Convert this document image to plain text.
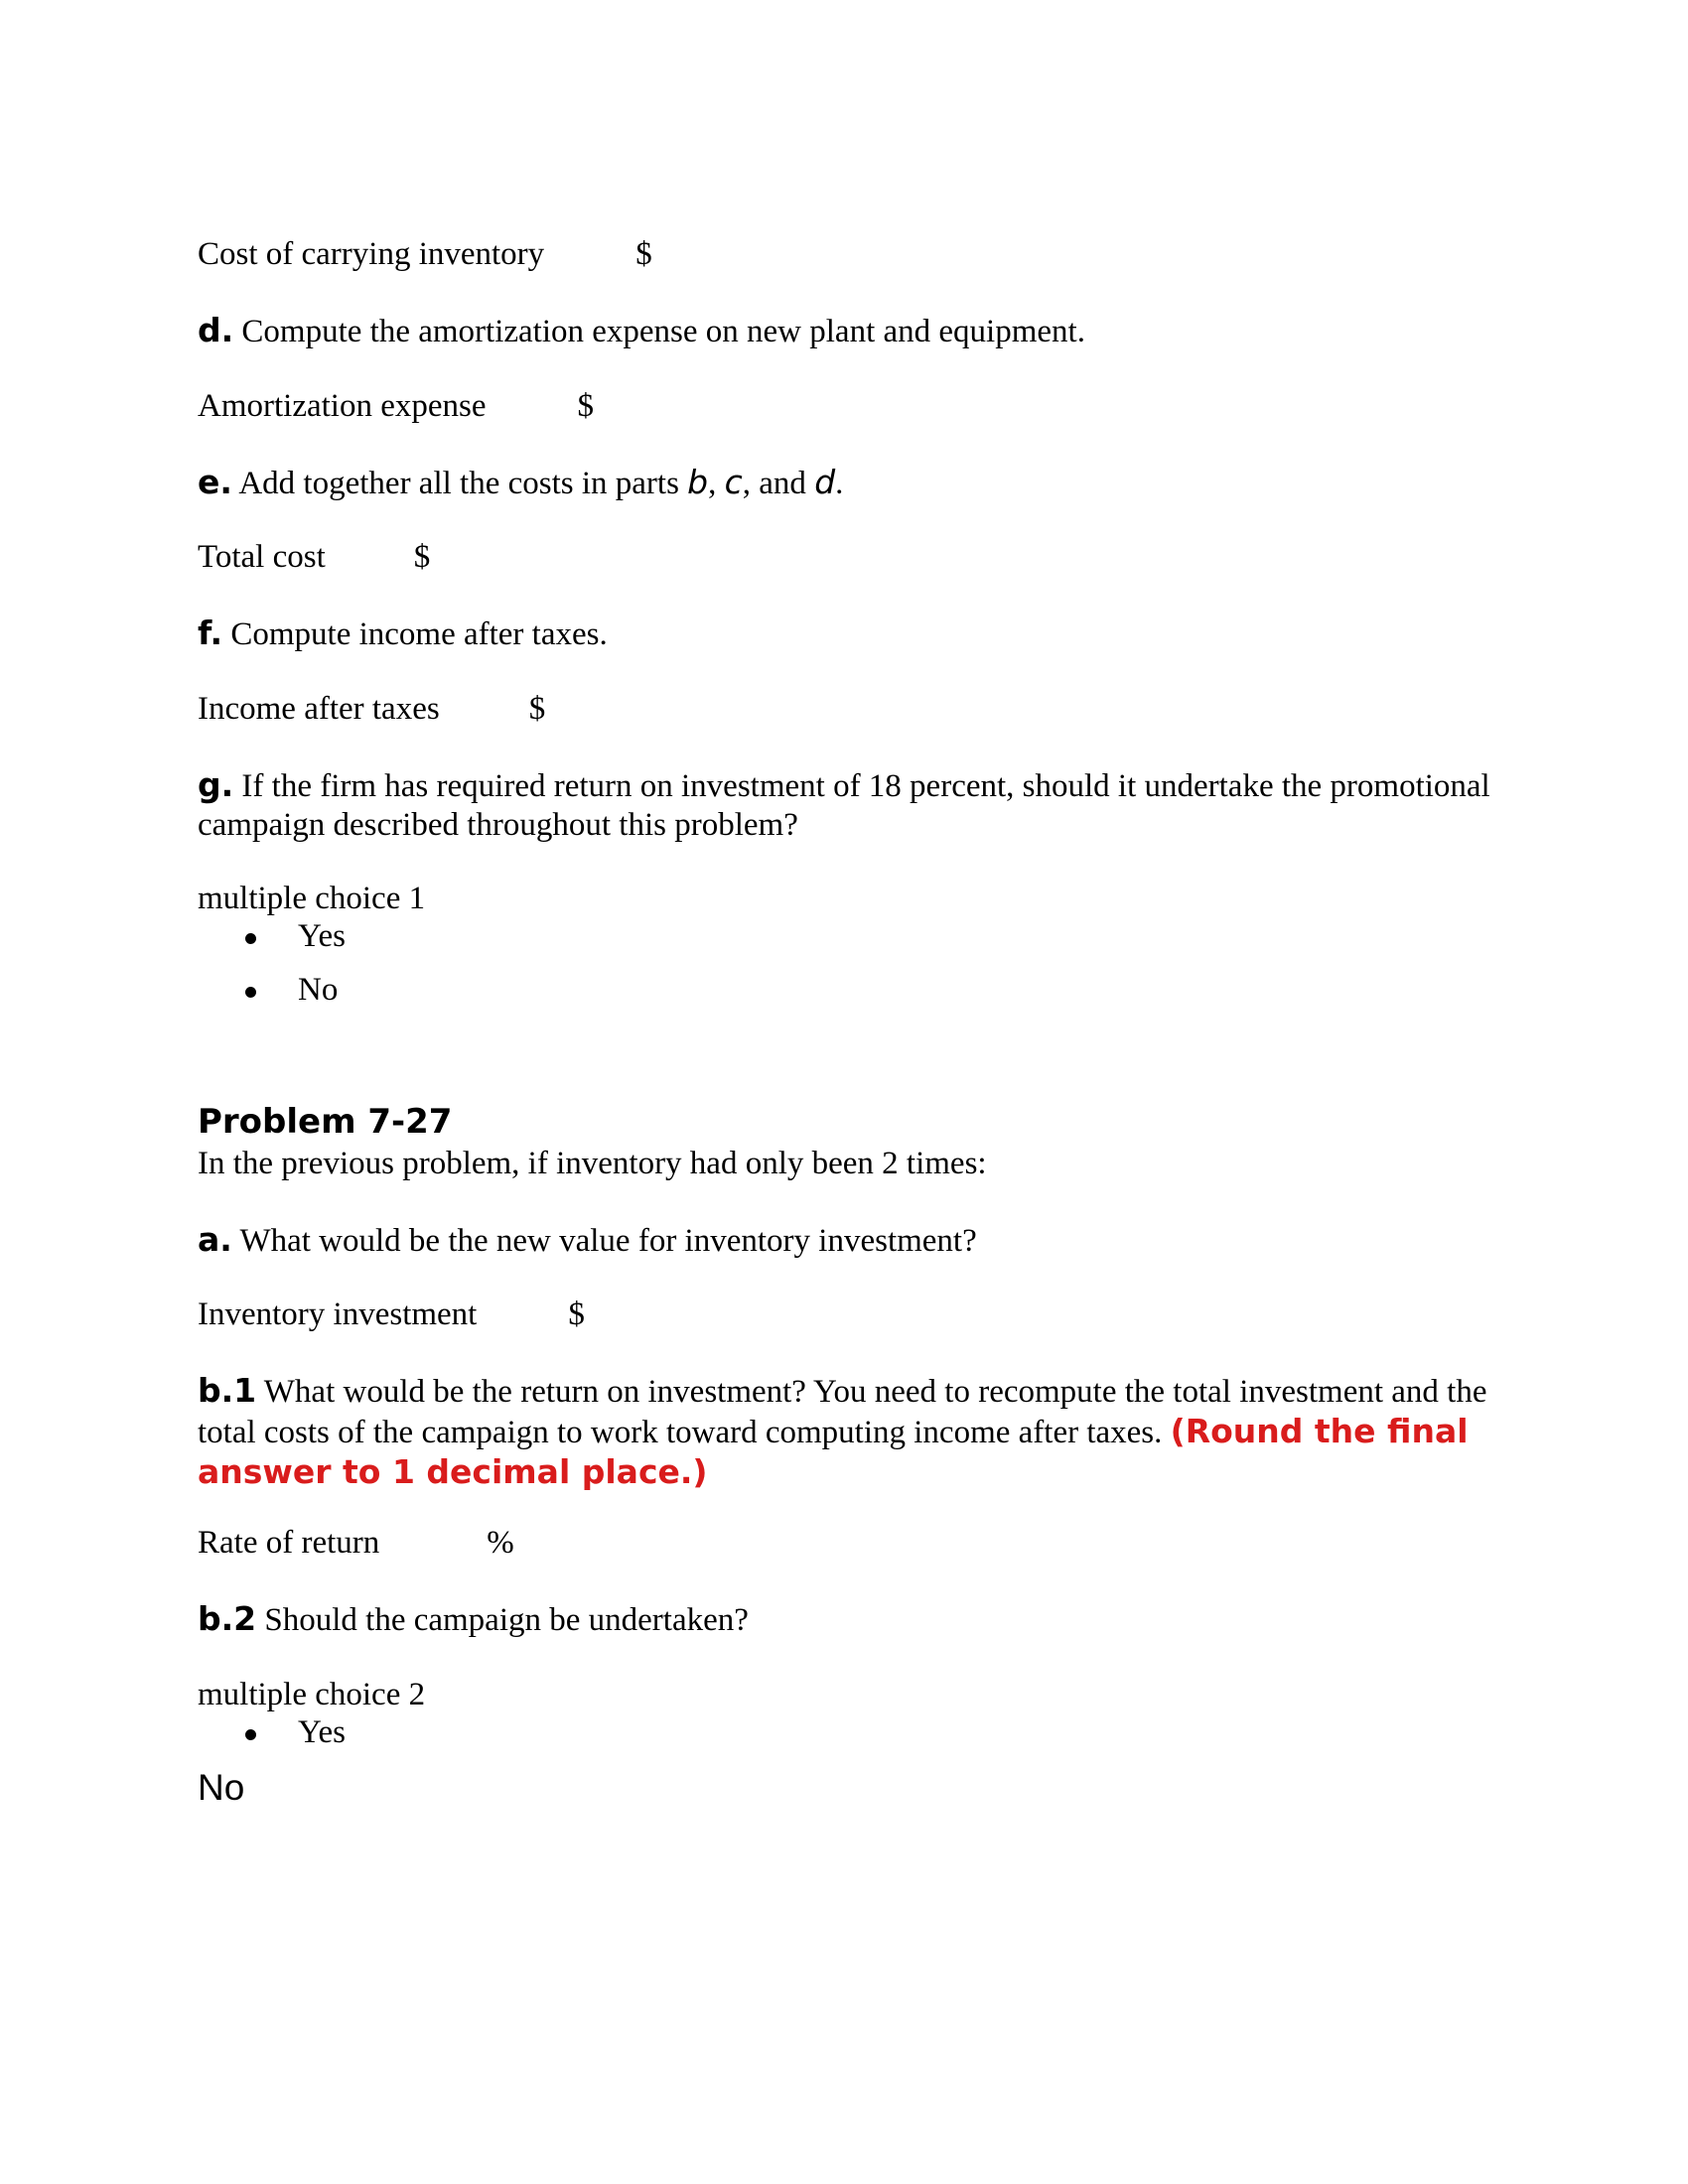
Cost of carrying inventory	$
d. Compute the amortization expense on new plant and equipment.
Amortization expense	$
e. Add together all the costs in parts b, c, and d.
Total cost	$
f. Compute income after taxes.
Income after taxes	$
g. If the firm has required return on investment of 18 percent, should it undertake the promotional campaign described throughout this problem?
multiple choice 1
Yes
No
Problem 7-27
In the previous problem, if inventory had only been 2 times:
a. What would be the new value for inventory investment?
Inventory investment	$
b.1 What would be the return on investment? You need to recompute the total investment and the total costs of the campaign to work toward computing income after taxes. (Round the final answer to 1 decimal place.)
Rate of return	%
b.2 Should the campaign be undertaken?
multiple choice 2
Yes
No
